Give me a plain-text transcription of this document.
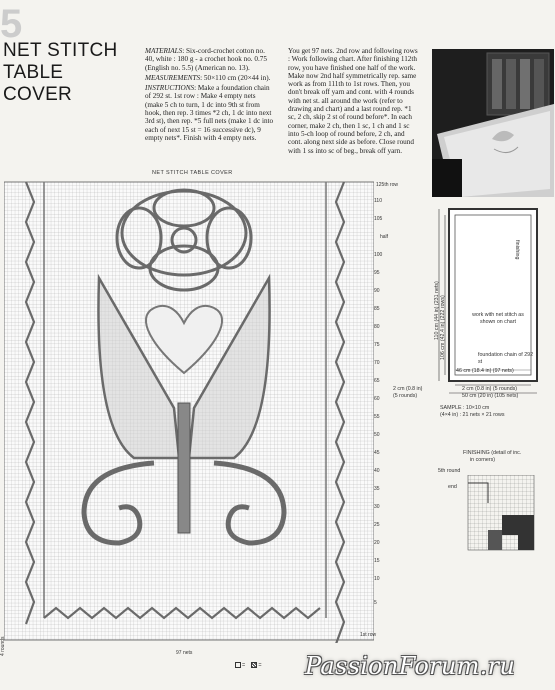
5
NET STITCH
TABLE
COVER

MATERIALS: Six-cord-crochet cotton no. 40, white : 180 g - a crochet hook no. 0.75 (English no. 5.5) (American no. 13).

MEASUREMENTS: 50×110 cm (20×44 in).

INSTRUCTIONS: Make a foundation chain of 292 st. 1st row : Make 4 empty nets (make 5 ch to turn, 1 dc into 9th st from hook, then rep. 3 times *2 ch, 1 dc into next 3rd st), then rep. *5 full nets (make 1 dc into each of next 15 st = 16 successive dc), 9 empty nets*. Finish with 4 empty nets.

You get 97 nets. 2nd row and following rows : Work following chart. After finishing 112th row, you have finished one half of the work. Make now 2nd half symmetrically rep. same work as from 111th to 1st rows. Then, you don't break off yarn and cont. with 4 rounds with net st. all around the work (refer to drawing and chart) and a last round rep. *1 sc, 2 ch, skip 2 st of round before*. In each corner, make 2 ch, then 1 sc, 1 ch and 1 sc into 5-ch loop of round before, 2 ch, and cont. along next side as before. Close round with 1 ss into sc of beg., break off yarn.

NET STITCH TABLE COVER
125th row
half
110
105
100
95
90
85
80
75
70
65
60
55
50
45
40
35
30
25
20
15
10
5
1st row
97 nets
4 rounds
finishing
110 cm (44 in) (231 nets) 106 cm (42.4 in) (222 rows)	work with net stitch as shown on chart
foundation chain of 292 st
46 cm (18.4 in) (97 nets)
2 cm (0.8 in)
(5 rounds)
2 cm (0.8 in) (5 rounds)
50 cm (20 in) (105 nets)
SAMPLE : 10×10 cm
(4×4 in) : 21 nets × 21 rows
FINISHING (detail of inc.
in corners)
5th round
end
= = PassionForum.ru
